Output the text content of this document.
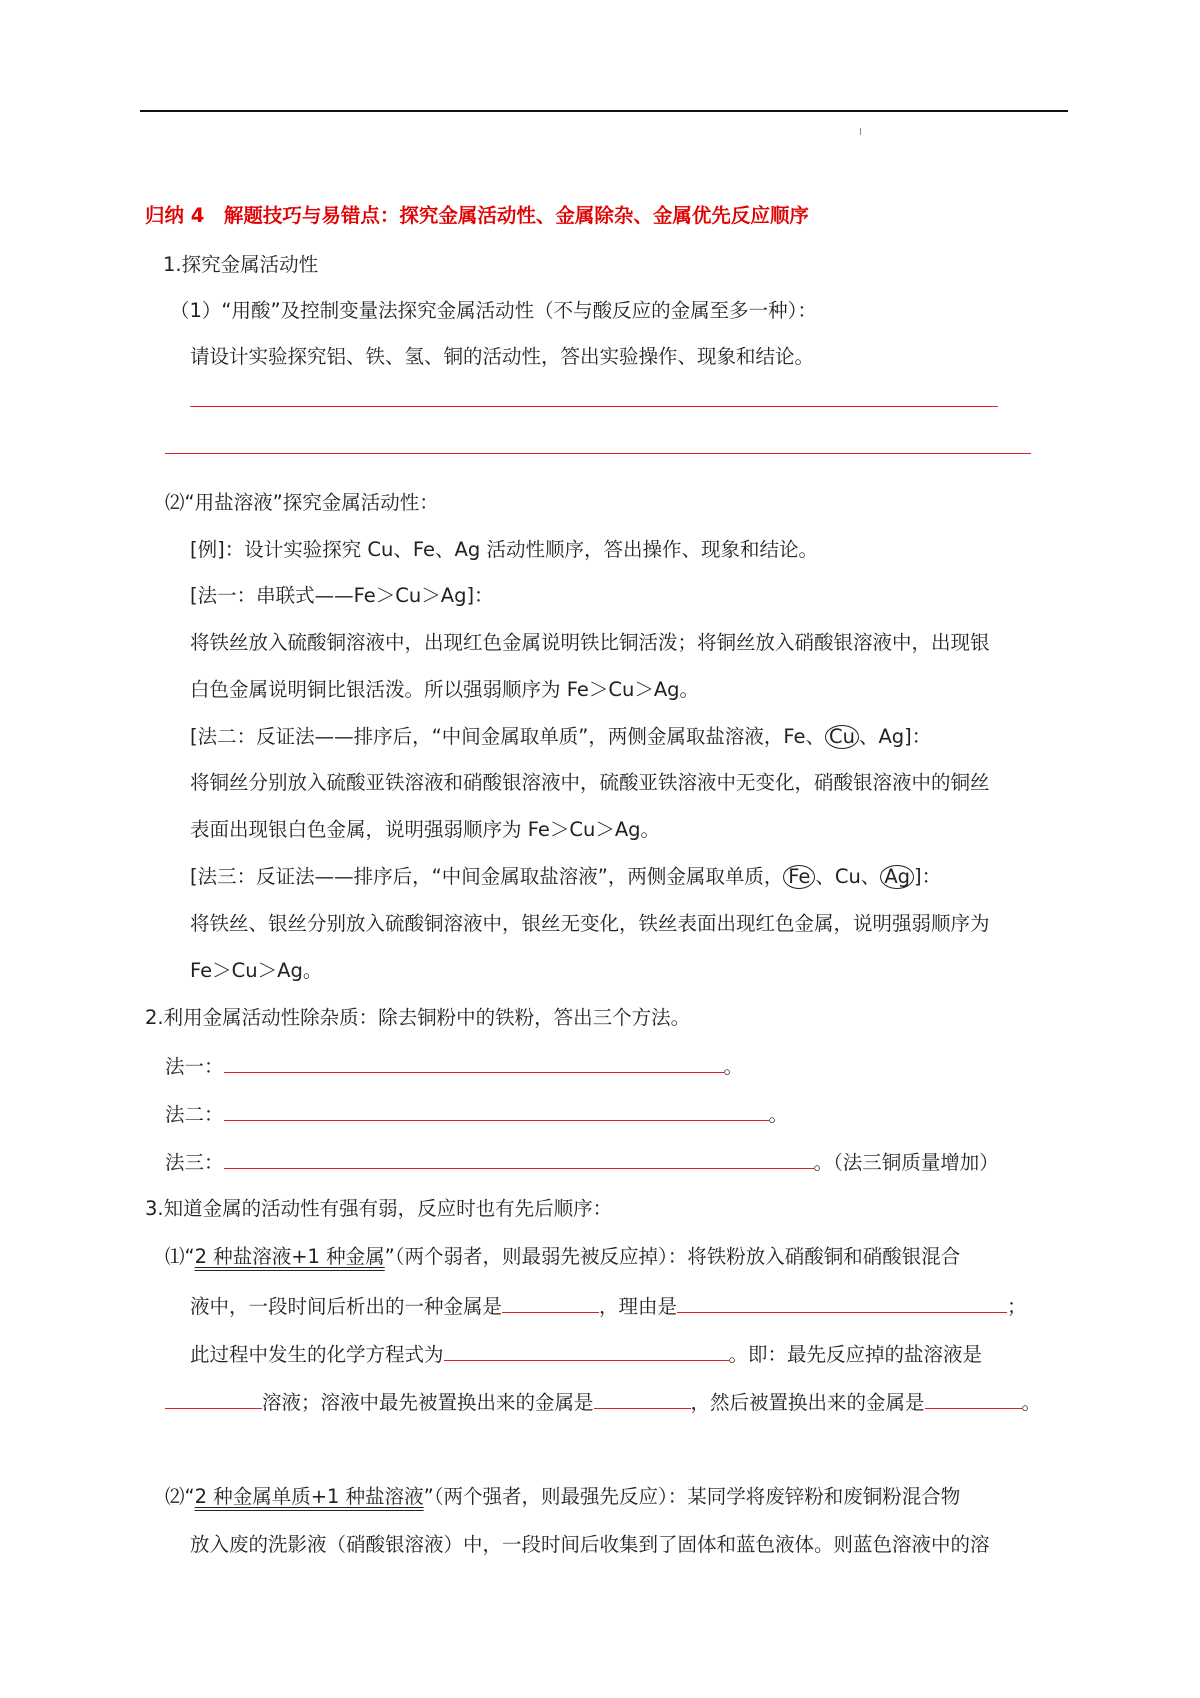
归纳 4　解题技巧与易错点：探究金属活动性、金属除杂、金属优先反应顺序
1.探究金属活动性
（1）“用酸”及控制变量法探究金属活动性（不与酸反应的金属至多一种）：
请设计实验探究铝、铁、氢、铜的活动性，答出实验操作、现象和结论。
⑵“用盐溶液”探究金属活动性：
[例]：设计实验探究 Cu、Fe、Ag 活动性顺序，答出操作、现象和结论。
[法一：串联式——Fe＞Cu＞Ag]：
将铁丝放入硫酸铜溶液中，出现红色金属说明铁比铜活泼；将铜丝放入硝酸银溶液中，出现银
白色金属说明铜比银活泼。所以强弱顺序为 Fe＞Cu＞Ag。
[法二：反证法——排序后，“中间金属取单质”，两侧金属取盐溶液，Fe、 Cu 、Ag]：
将铜丝分别放入硫酸亚铁溶液和硝酸银溶液中，硫酸亚铁溶液中无变化，硝酸银溶液中的铜丝
表面出现银白色金属，说明强弱顺序为 Fe＞Cu＞Ag。
[法三：反证法——排序后，“中间金属取盐溶液”，两侧金属取单质， Fe 、Cu、 Ag ]：
将铁丝、银丝分别放入硫酸铜溶液中，银丝无变化，铁丝表面出现红色金属，说明强弱顺序为
Fe＞Cu＞Ag。
2.利用金属活动性除杂质：除去铜粉中的铁粉，答出三个方法。
法一：	。
法二：	。
法三：	。（法三铜质量增加）
3.知道金属的活动性有强有弱，反应时也有先后顺序：
⑴“2 种盐溶液+1 种金属”（两个弱者，则最弱先被反应掉）：将铁粉放入硝酸铜和硝酸银混合
液中，一段时间后析出的一种金属是	，理由是	；
此过程中发生的化学方程式为	。即：最先反应掉的盐溶液是
溶液；溶液中最先被置换出来的金属是	，然后被置换出来的金属是	。
⑵“2 种金属单质+1 种盐溶液”（两个强者，则最强先反应）：某同学将废锌粉和废铜粉混合物
放入废的洗影液（硝酸银溶液）中，一段时间后收集到了固体和蓝色液体。则蓝色溶液中的溶
